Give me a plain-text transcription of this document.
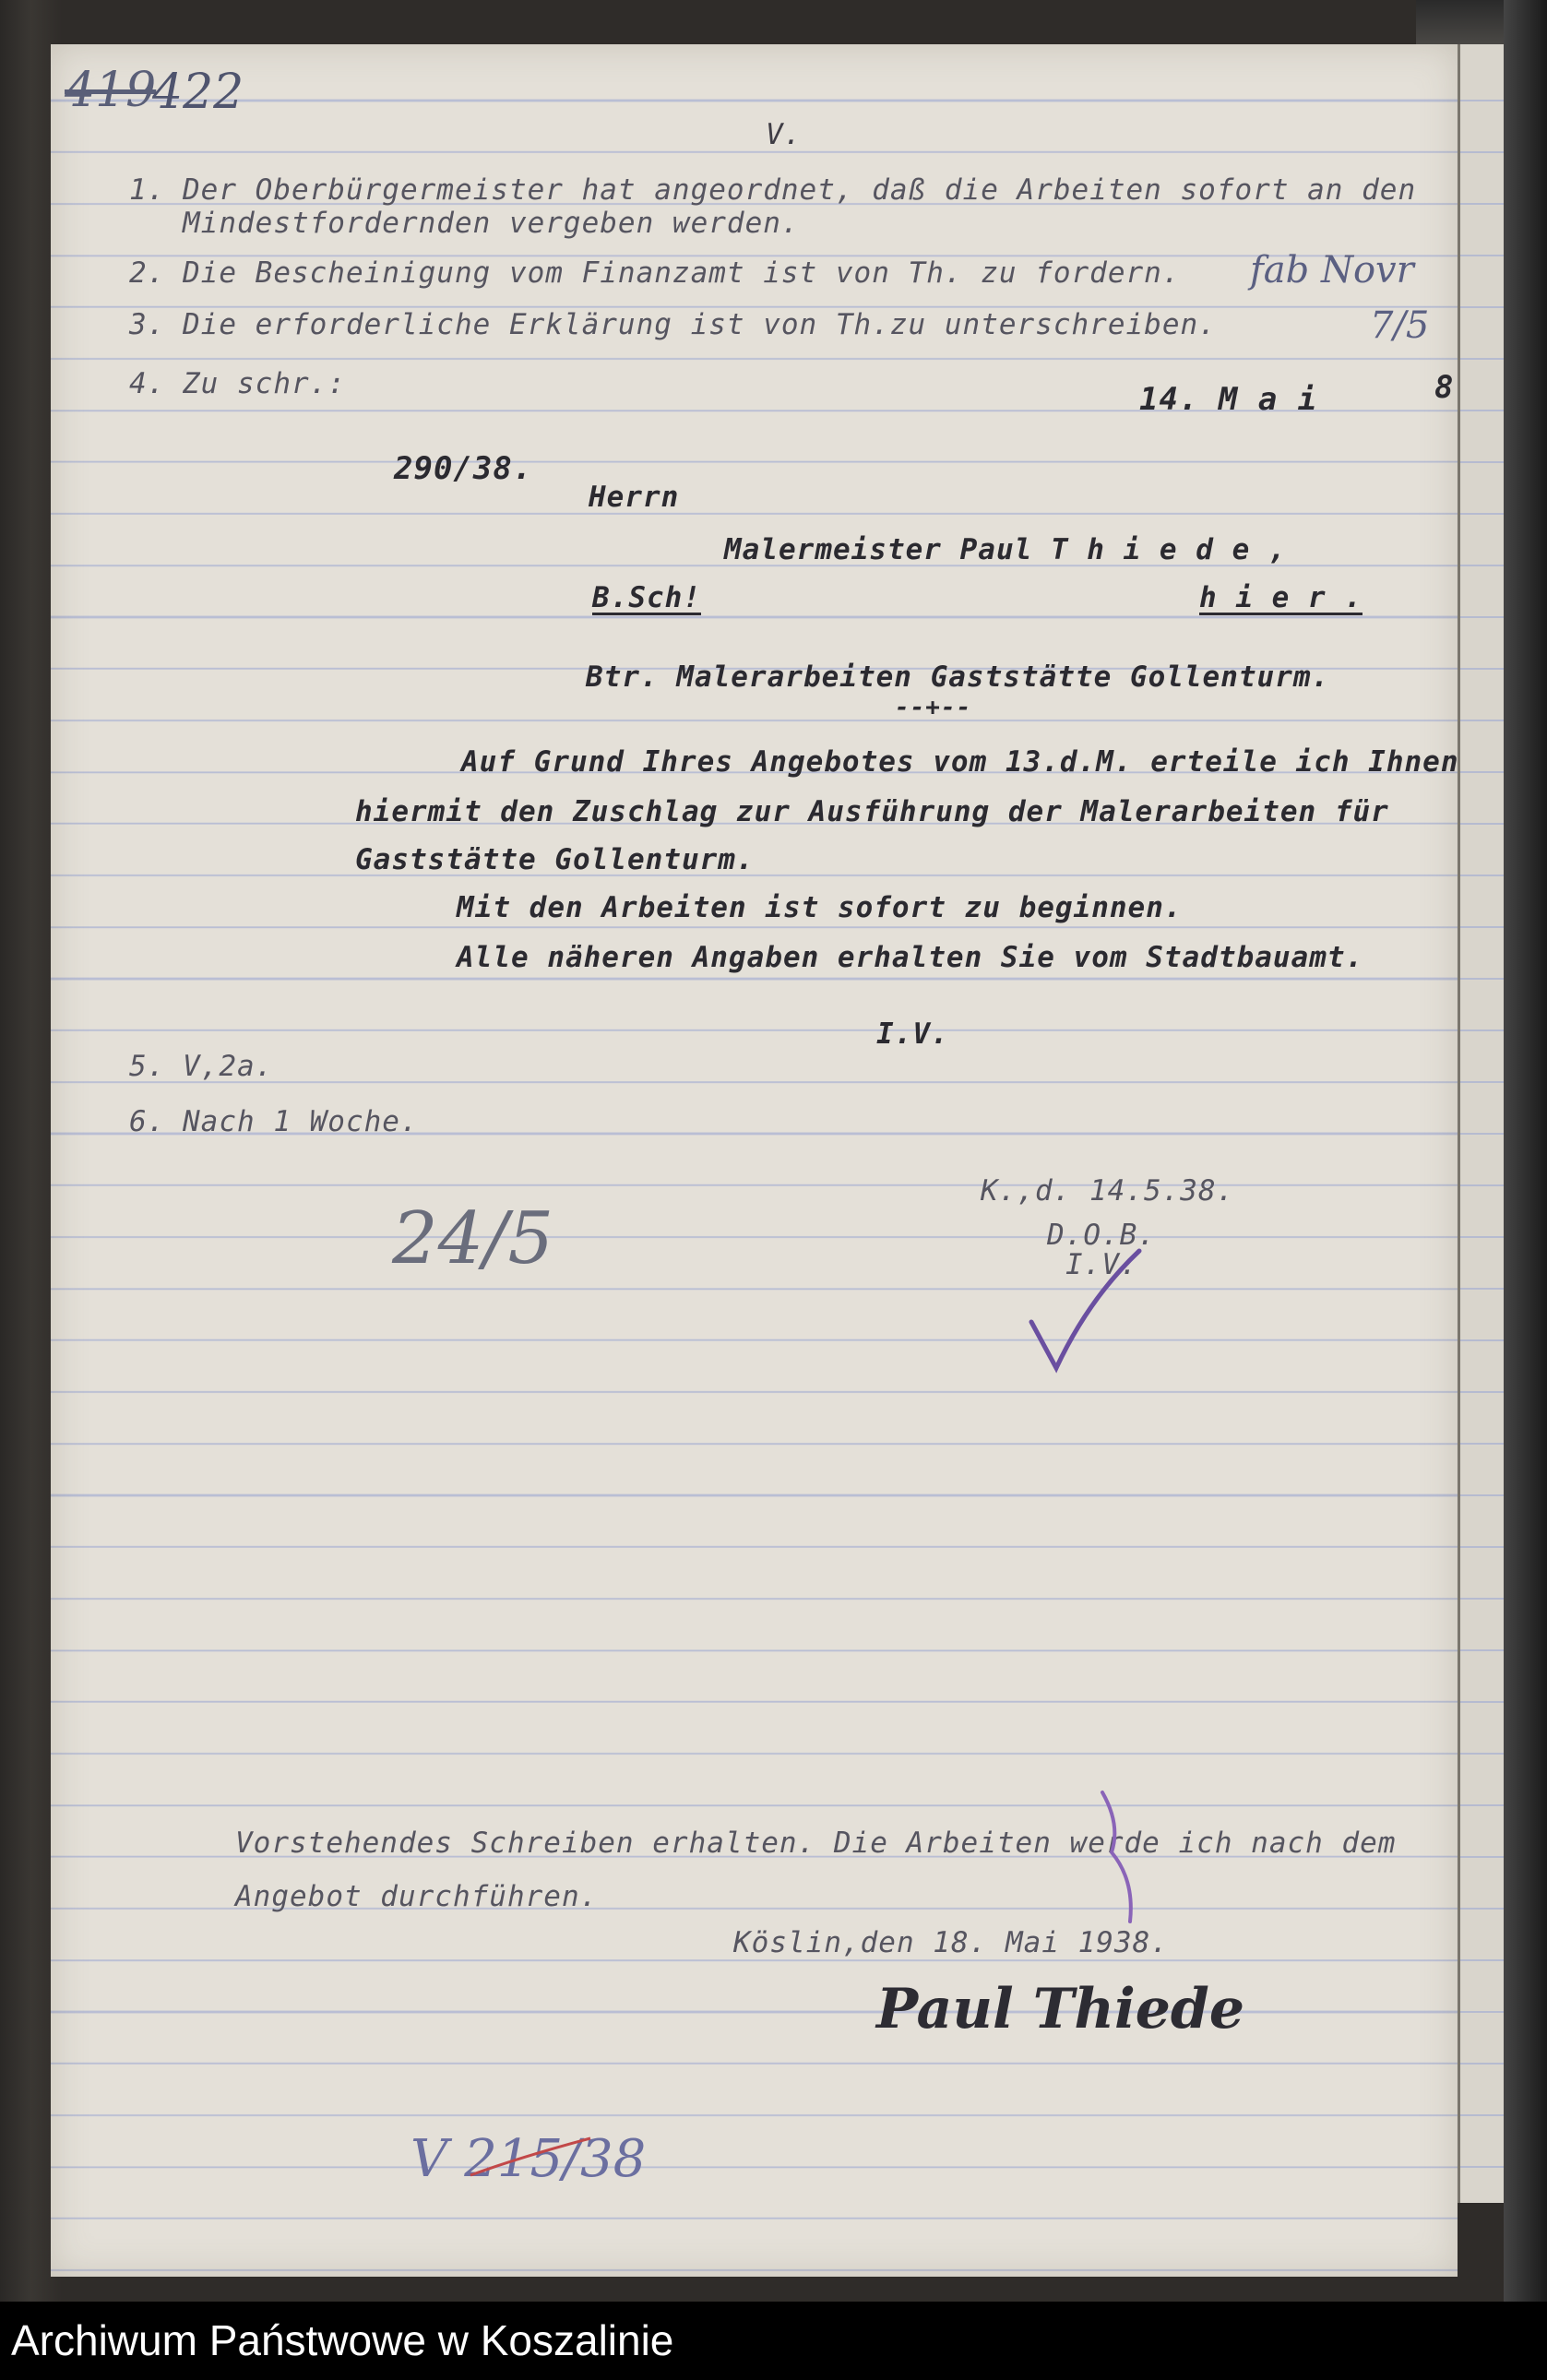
419
422
V.
1. Der Oberbürgermeister hat angeordnet, daß die Arbeiten sofort an den
Mindestfordernden vergeben werden.
2. Die Bescheinigung vom Finanzamt ist von Th. zu fordern. fab Novr
3. Die erforderliche Erklärung ist von Th.zu unterschreiben.	7/5
4. Zu schr.:	14. M a i	8
290/38.
Herrn
Malermeister Paul T h i e d e ,
B.Sch!	h i e r .
Btr. Malerarbeiten Gaststätte Gollenturm.
--+--
Auf Grund Ihres Angebotes vom 13.d.M. erteile ich Ihnen
hiermit den Zuschlag zur Ausführung der Malerarbeiten für
Gaststätte Gollenturm.
Mit den Arbeiten ist sofort zu beginnen.
Alle näheren Angaben erhalten Sie vom Stadtbauamt.
I.V.
5. V,2a.
6. Nach 1 Woche.
K.,d. 14.5.38.
D.O.B.
I.V.
24/5
Vorstehendes Schreiben erhalten. Die Arbeiten werde ich nach dem
Angebot durchführen.
Köslin,den 18. Mai 1938.
Paul Thiede
V 215/38
Archiwum Państwowe w Koszalinie
